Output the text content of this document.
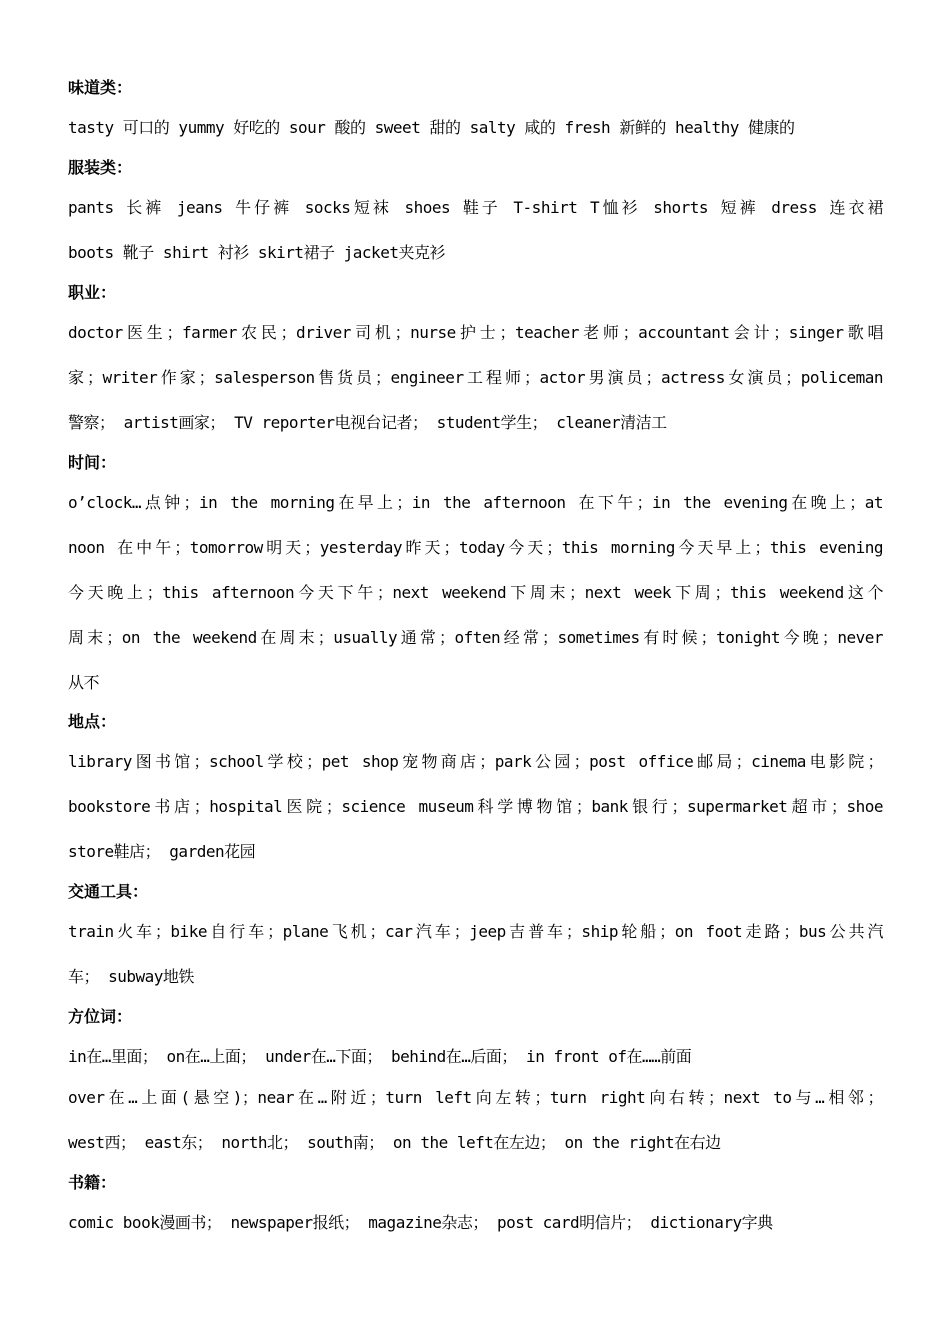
味道类：
tasty 可口的 yummy 好吃的 sour 酸的 sweet 甜的 salty 咸的 fresh 新鲜的 healthy 健康的
服装类：
pants 长裤 jeans 牛仔裤 socks短袜 shoes 鞋子 T-shirt T恤衫 shorts 短裤 dress 连衣裙
boots 靴子 shirt 衬衫 skirt裙子 jacket夹克衫
职业：
doctor医生；farmer农民；driver司机；nurse护士；teacher老师；accountant会计；singer歌唱
家；writer作家；salesperson售货员；engineer工程师；actor男演员；actress女演员；policeman
警察； artist画家； TV reporter电视台记者； student学生； cleaner清洁工
时间：
o’clock…点钟；in the morning在早上；in the afternoon 在下午；in the evening在晚上；at
noon 在中午；tomorrow明天；yesterday昨天；today今天；this morning今天早上；this evening
今天晚上；this afternoon今天下午；next weekend下周末；next week下周；this weekend这个
周末；on the weekend在周末；usually通常；often经常；sometimes有时候；tonight今晚；never
从不
地点：
library图书馆；school学校；pet shop宠物商店；park公园；post office邮局；cinema电影院；
bookstore书店；hospital医院；science museum科学博物馆；bank银行；supermarket超市；shoe
store鞋店； garden花园
交通工具：
train火车；bike自行车；plane飞机；car汽车；jeep吉普车；ship轮船；on foot走路；bus公共汽
车； subway地铁
方位词：
in在…里面； on在…上面； under在…下面； behind在…后面； in front of在……前面
over在…上面(悬空)；near在…附近；turn left向左转；turn right向右转；next to与…相邻；
west西； east东； north北； south南； on the left在左边； on the right在右边
书籍：
comic book漫画书； newspaper报纸； magazine杂志； post card明信片； dictionary字典
